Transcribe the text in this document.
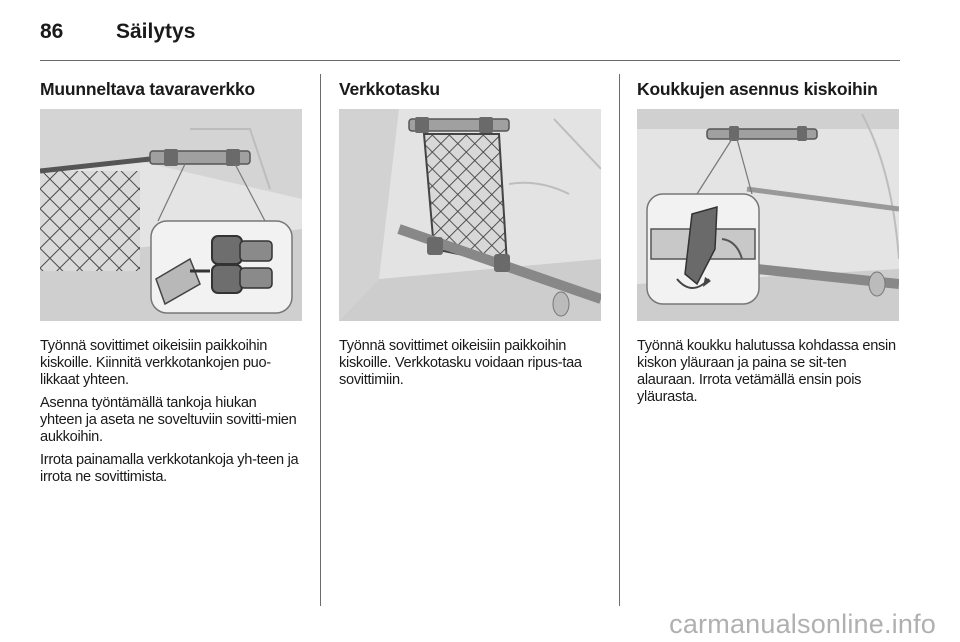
86	Säilytys
Muunneltava tavaraverkko

Työnnä sovittimet oikeisiin paikkoihin kiskoille. Kiinnitä verkkotankojen puo-likkaat yhteen.

Asenna työntämällä tankoja hiukan yhteen ja aseta ne soveltuviin sovitti-mien aukkoihin.

Irrota painamalla verkkotankoja yh-teen ja irrota ne sovittimista.

Verkkotasku

Työnnä sovittimet oikeisiin paikkoihin kiskoille. Verkkotasku voidaan ripus-taa sovittimiin.

Koukkujen asennus kiskoihin

Työnnä koukku halutussa kohdassa ensin kiskon yläuraan ja paina se sit-ten alauraan. Irrota vetämällä ensin pois yläurasta.

carmanualsonline.info
